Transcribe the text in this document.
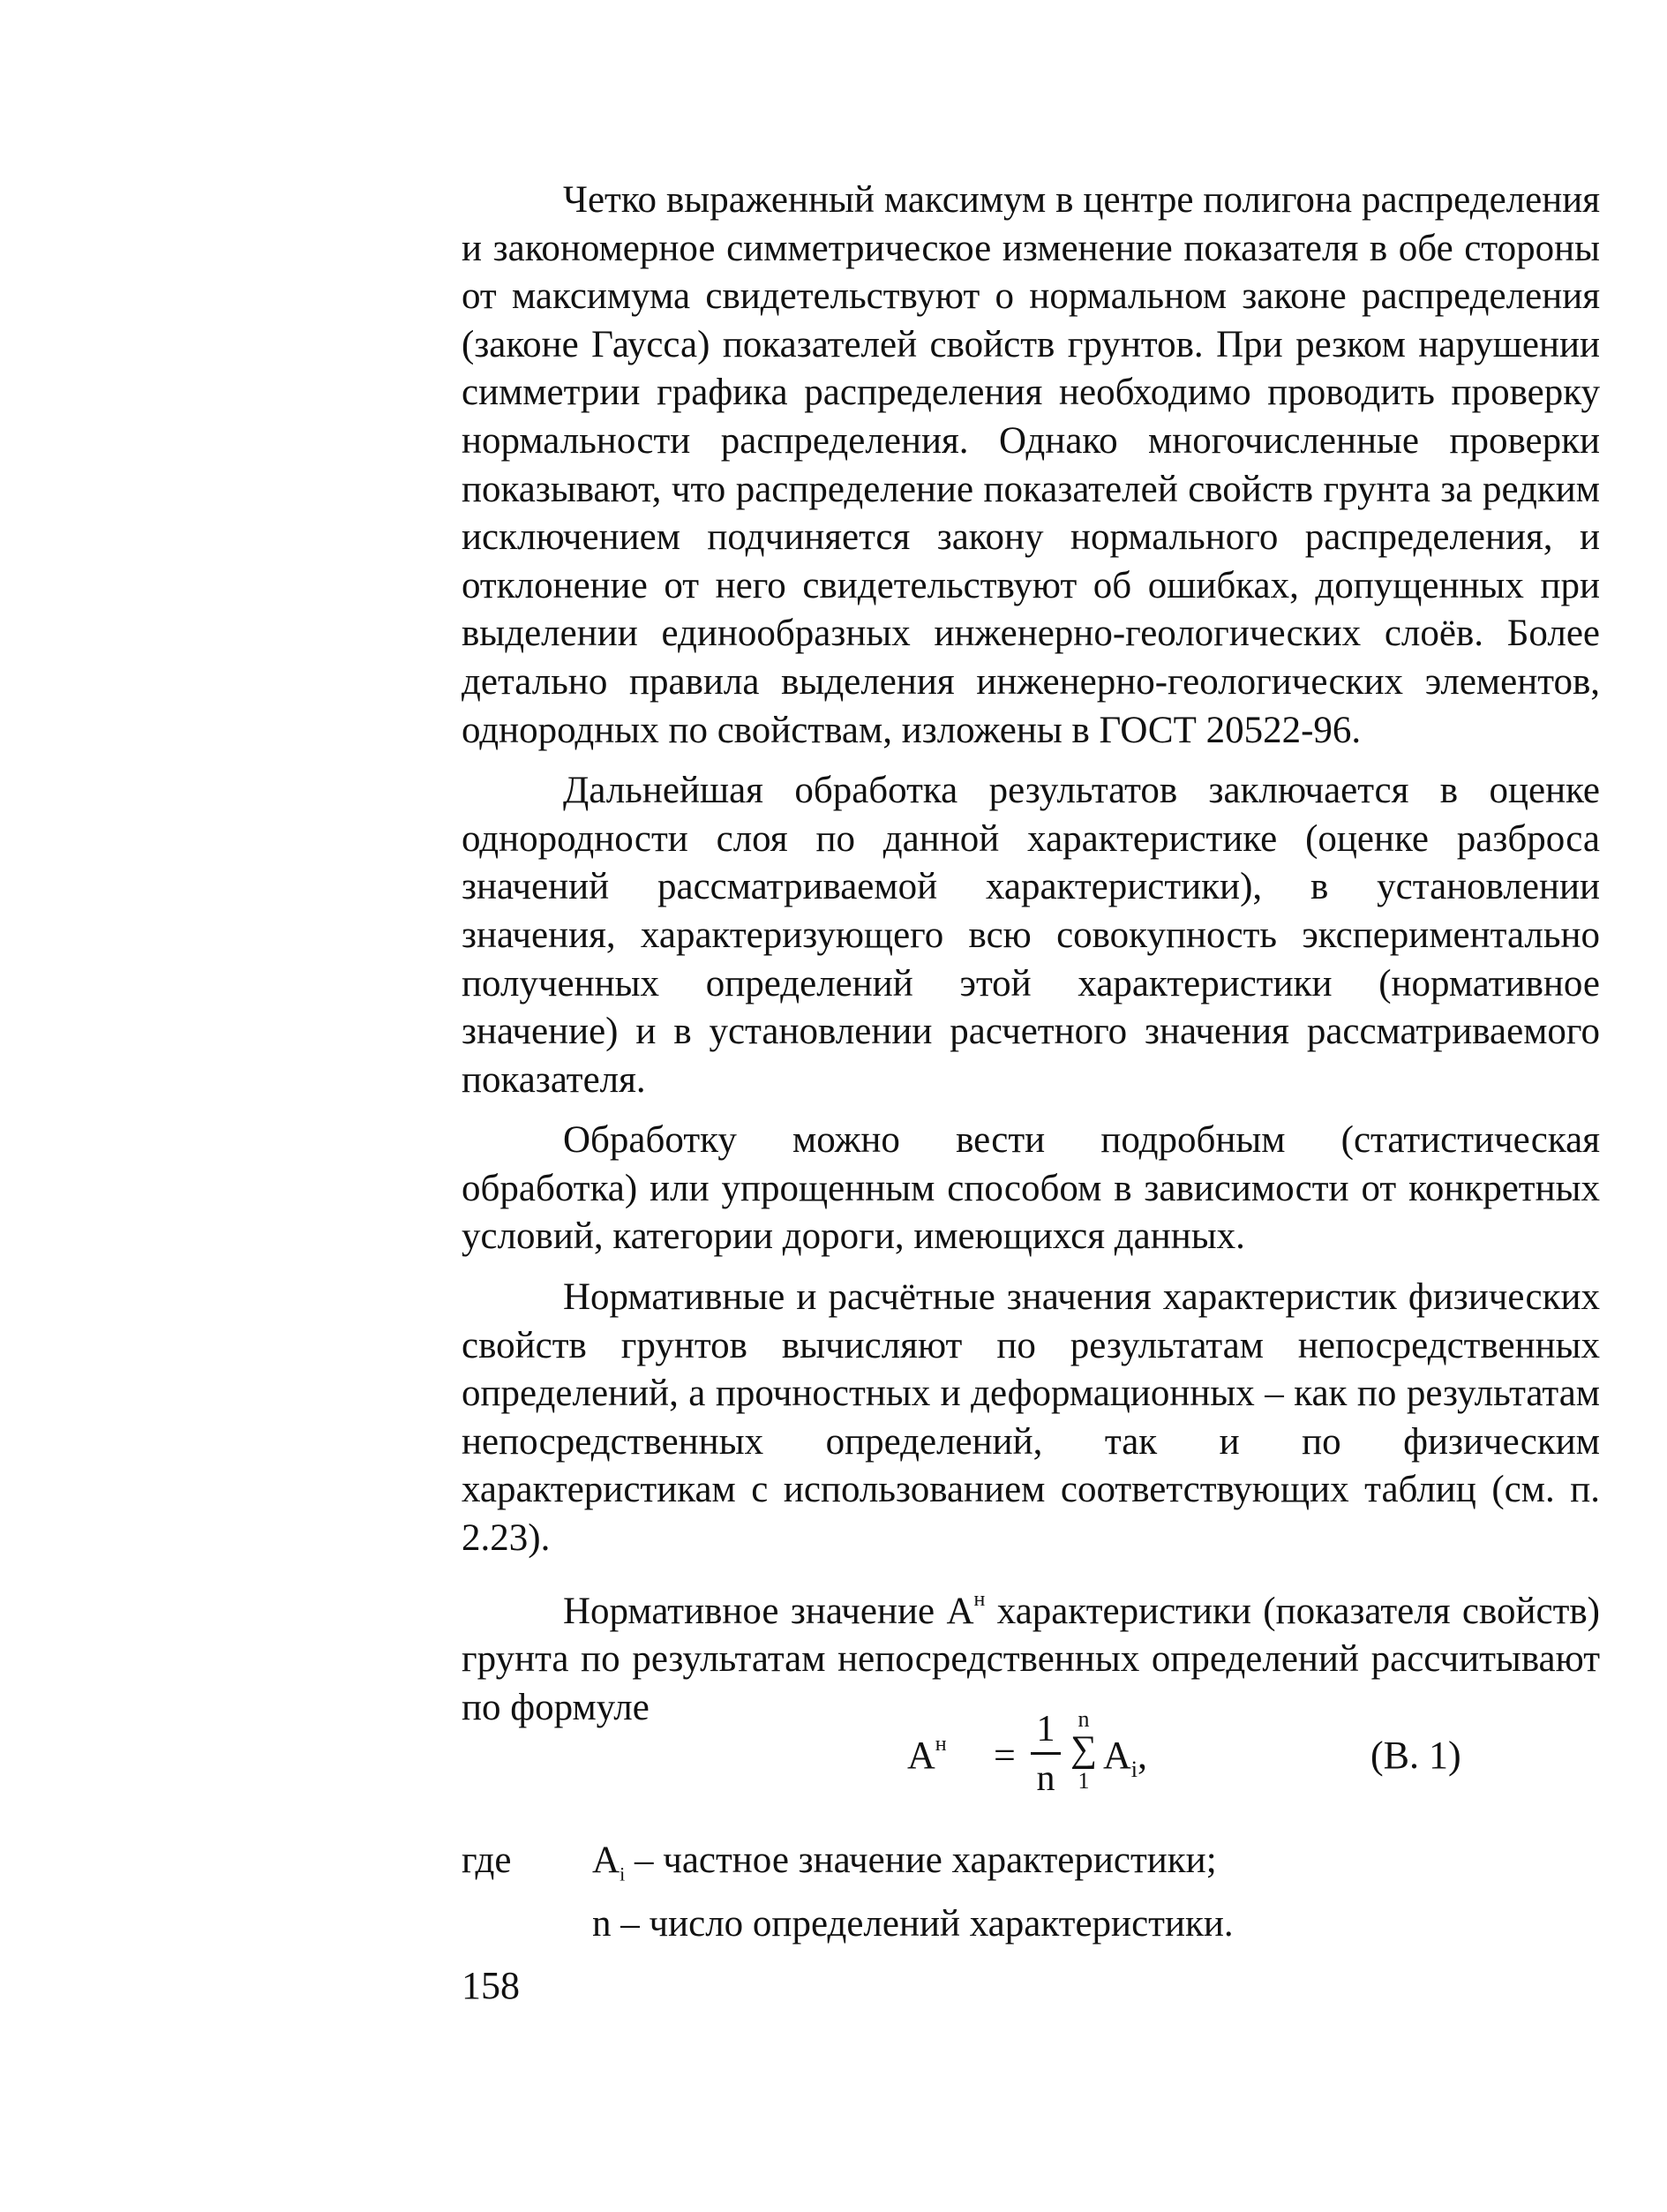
Четко выраженный максимум в центре полигона распределения и закономерное симметрическое изменение показателя в обе стороны от максимума свидетельствуют о нормальном законе распределения (законе Гаусса) показателей свойств грунтов. При резком нарушении симметрии графика распределения необходимо проводить проверку нормальности распределения. Однако многочисленные проверки показывают, что распределение показателей свойств грунта за редким исключением подчиняется закону нормального распределения, и отклонение от него свидетельствуют об ошибках, допущенных при выделении единообразных инженерно-геологических слоёв. Более детально правила выделения инженерно-геологических элементов, однородных по свойствам, изложены в ГОСТ 20522-96.

Дальнейшая обработка результатов заключается в оценке однородности слоя по данной характеристике (оценке разброса значений рассматриваемой характеристики), в установлении значения, характеризующего всю совокупность экспериментально полученных определений этой характеристики (нормативное значение) и в установлении расчетного значения рассматриваемого показателя.

Обработку можно вести подробным (статистическая обработка) или упрощенным способом в зависимости от конкретных условий, категории дороги, имеющихся данных.

Нормативные и расчётные значения характеристик физических свойств грунтов вычисляют по результатам непосредственных определений, а прочностных и деформационных – как по результатам непосредственных определений, так и по физическим характеристикам с использованием соответствующих таблиц (см. п. 2.23).

Нормативное значение $A^н$ характеристики (показателя свойств) грунта по результатам непосредственных определений рассчитывают по формуле

$A^н$ =
1
n
n
∑
1
$A_i$,	(В. 1)
где $A_i$ – частное значение характеристики;
n – число определений характеристики.
158
